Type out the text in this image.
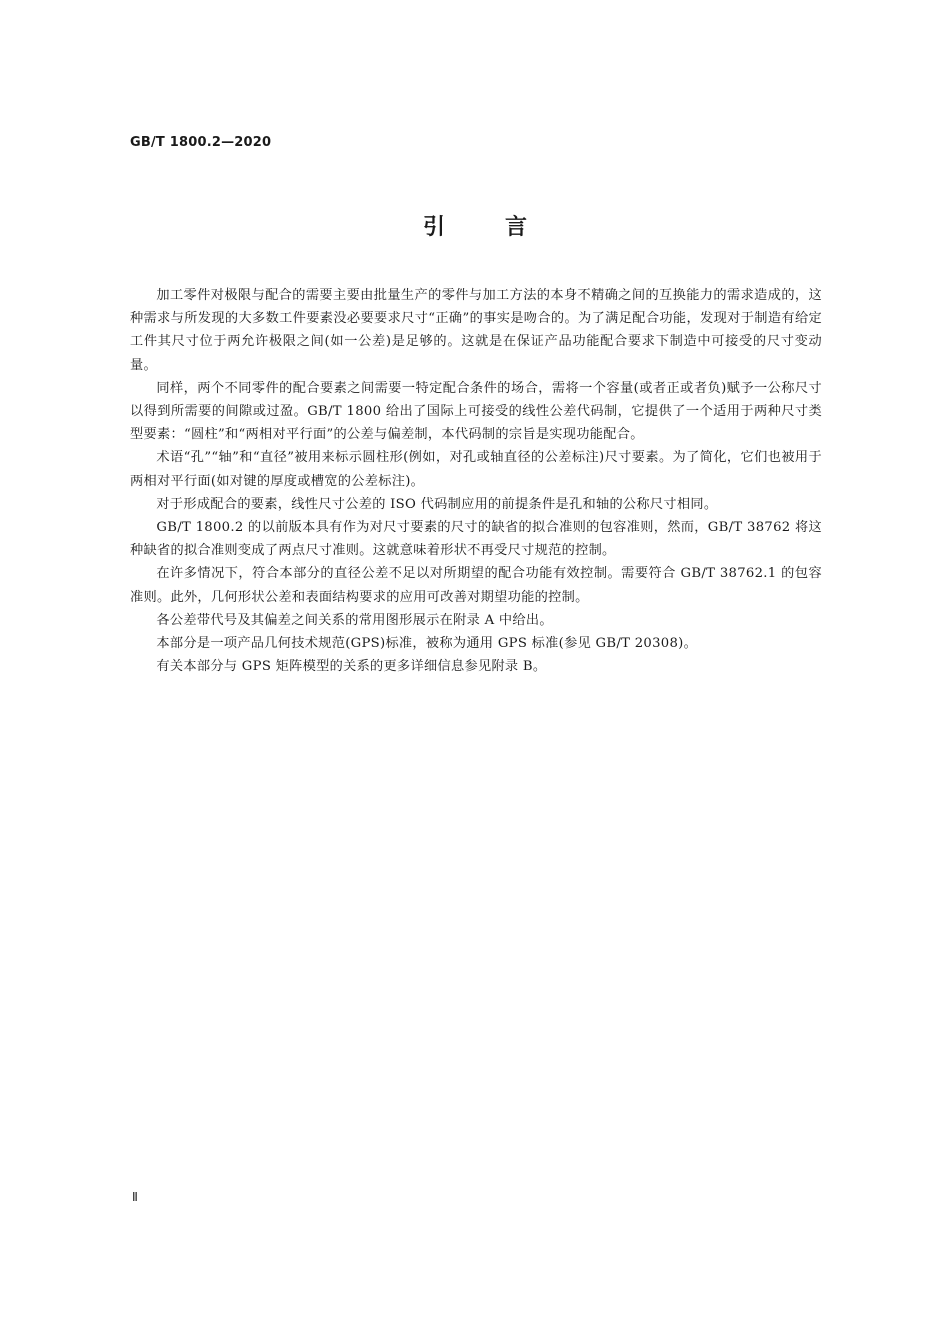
GB/T 1800.2—2020
引	言

加工零件对极限与配合的需要主要由批量生产的零件与加工方法的本身不精确之间的互换能力的需求造成的，这种需求与所发现的大多数工件要素没必要要求尺寸“正确”的事实是吻合的。为了满足配合功能，发现对于制造有给定工件其尺寸位于两允许极限之间(如一公差)是足够的。这就是在保证产品功能配合要求下制造中可接受的尺寸变动量。

同样，两个不同零件的配合要素之间需要一特定配合条件的场合，需将一个容量(或者正或者负)赋予一公称尺寸以得到所需要的间隙或过盈。GB/T 1800 给出了国际上可接受的线性公差代码制，它提供了一个适用于两种尺寸类型要素：“圆柱”和“两相对平行面”的公差与偏差制，本代码制的宗旨是实现功能配合。

术语“孔”“轴”和“直径”被用来标示圆柱形(例如，对孔或轴直径的公差标注)尺寸要素。为了简化，它们也被用于两相对平行面(如对键的厚度或槽宽的公差标注)。

对于形成配合的要素，线性尺寸公差的 ISO 代码制应用的前提条件是孔和轴的公称尺寸相同。

GB/T 1800.2 的以前版本具有作为对尺寸要素的尺寸的缺省的拟合准则的包容准则，然而，GB/T 38762 将这种缺省的拟合准则变成了两点尺寸准则。这就意味着形状不再受尺寸规范的控制。

在许多情况下，符合本部分的直径公差不足以对所期望的配合功能有效控制。需要符合 GB/T 38762.1 的包容准则。此外，几何形状公差和表面结构要求的应用可改善对期望功能的控制。

各公差带代号及其偏差之间关系的常用图形展示在附录 A 中给出。

本部分是一项产品几何技术规范(GPS)标准，被称为通用 GPS 标准(参见 GB/T 20308)。

有关本部分与 GPS 矩阵模型的关系的更多详细信息参见附录 B。

Ⅱ
